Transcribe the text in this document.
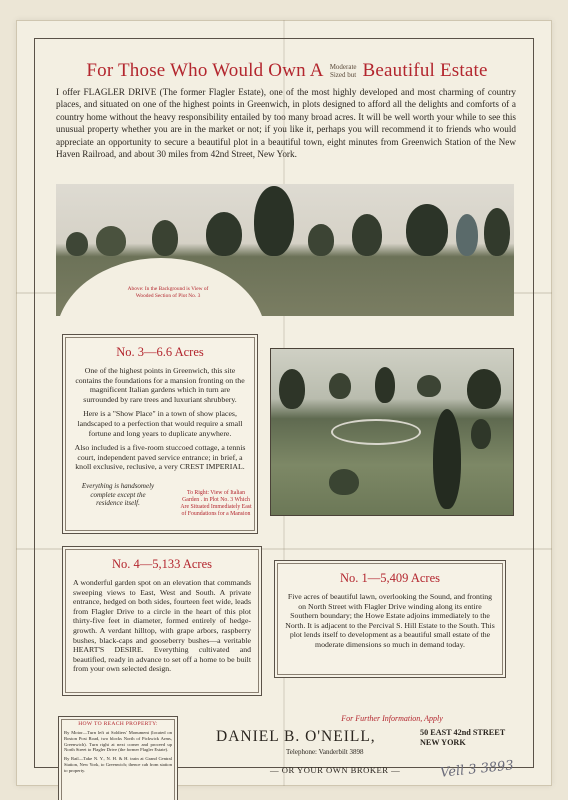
For Those Who Would Own A Moderate
Sized but Beautiful Estate

I offer FLAGLER DRIVE (The former Flagler Estate), one of the most highly developed and most charming of country places, and situated on one of the highest points in Greenwich, in plots designed to afford all the delights and comforts of a country home without the heavy responsibility entailed by too many broad acres. It will be well worth your while to see this unusual property whether you are in the market or not; if you like it, perhaps you will recommend it to friends who would appreciate an opportunity to secure a beautiful plot in a beautiful town, eight minutes from Greenwich Station of the New Haven Railroad, and about 30 miles from 42nd Street, New York.

Above: In the Background is View of Wooded Section of Plot No. 3

No. 3—6.6 Acres

One of the highest points in Greenwich, this site contains the foundations for a mansion fronting on the magnificent Italian gardens which in turn are surrounded by rare trees and luxuriant shrubbery.

Here is a "Show Place" in a town of show places, landscaped to a perfection that would require a small fortune and long years to duplicate anywhere.

Also included is a five-room stuccoed cottage, a tennis court, independent paved service entrance; in brief, a knoll exclusive, reclusive, a very CREST IMPERIAL.

Everything is handsomely complete except the residence itself.

To Right: View of Italian Garden . in Plot No. 3 Which Are Situated Immediately East of Foundations for a Mansion

No. 4—5,133 Acres

A wonderful garden spot on an elevation that commands sweeping views to East, West and South. A private entrance, hedged on both sides, fourteen feet wide, leads from Flagler Drive to a circle in the heart of this plot thirty-five feet in diameter, formed entirely of hedge-growth. A verdant hilltop, with grape arbors, raspberry bushes, black-caps and gooseberry bushes—a veritable HEART'S DESIRE. Everything cultivated and beautified, ready in advance to set off a home to be built from your own selected design.

No. 1—5,409 Acres

Five acres of beautiful lawn, overlooking the Sound, and fronting on North Street with Flagler Drive winding along its entire Southern boundary; the Howe Estate adjoins immediately to the North. It is adjacent to the Percival S. Hill Estate to the South. This plot lends itself to development as a beautiful small estate of the moderate dimensions so much in demand today.

HOW TO REACH PROPERTY:

By Motor—Turn left at Soldiers' Monument (located on Boston Post Road, two blocks North of Pickwick Arms, Greenwich). Turn right at next corner and proceed up North Street to Flagler Drive (the former Flagler Estate).

By Rail—Take N. Y., N. H. & H. train at Grand Central Station, New York, to Greenwich; thence cab from station to property.

For Further Information, Apply

DANIEL B. O'NEILL,	50 EAST 42nd STREET
NEW YORK

Telephone: Vanderbilt 3898

— OR YOUR OWN BROKER —	Vell 3 3893
